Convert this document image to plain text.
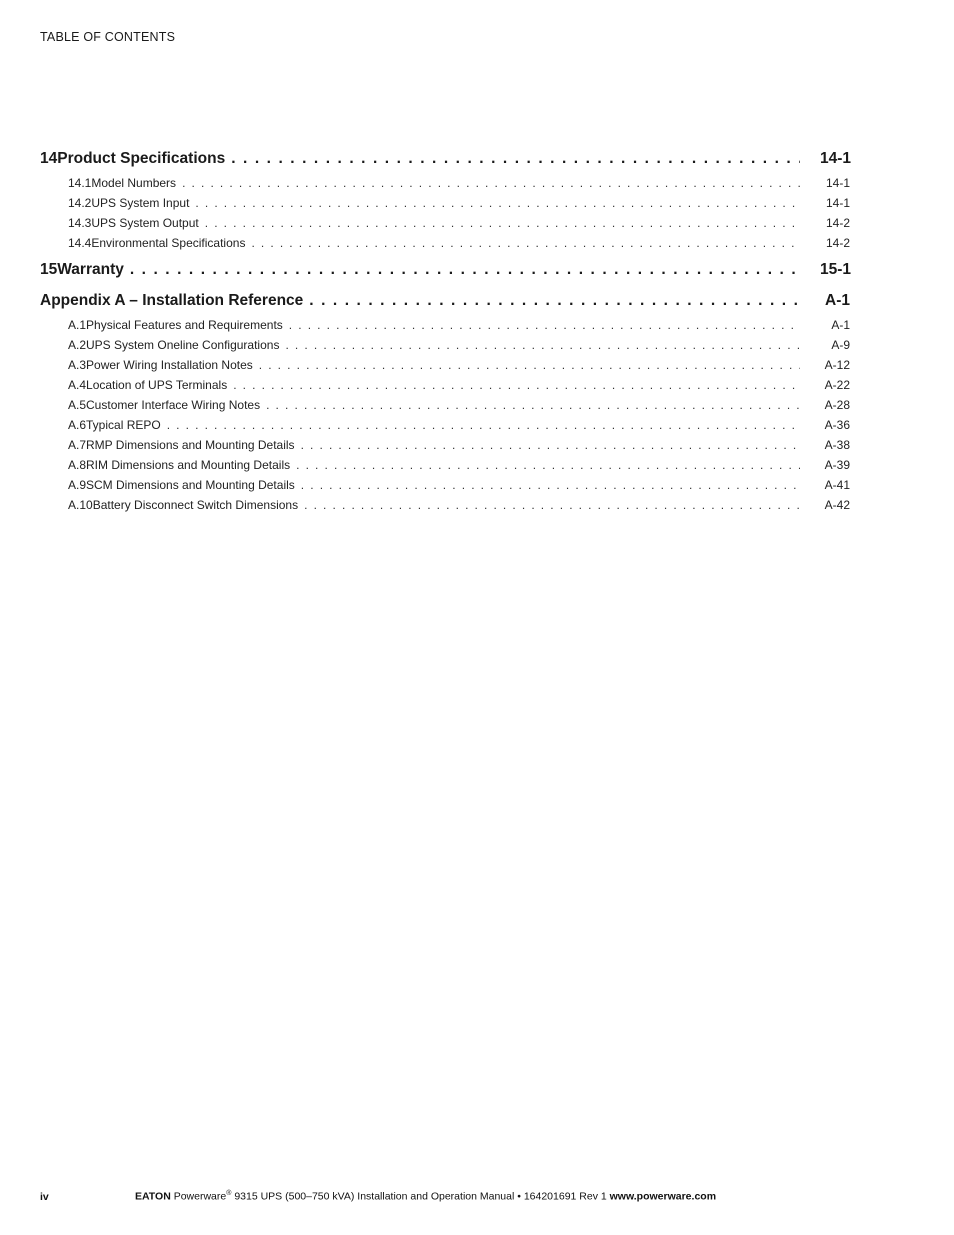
TABLE OF CONTENTS
14 Product Specifications . . .	14-1
14.1 Model Numbers . . .	14-1
14.2 UPS System Input . . .	14-1
14.3 UPS System Output . . .	14-2
14.4 Environmental Specifications . . .	14-2
15 Warranty . . .	15-1
Appendix A – Installation Reference . . .	A-1
A.1 Physical Features and Requirements . . .	A-1
A.2 UPS System Oneline Configurations . . .	A-9
A.3 Power Wiring Installation Notes . . .	A-12
A.4 Location of UPS Terminals . . .	A-22
A.5 Customer Interface Wiring Notes . . .	A-28
A.6 Typical REPO . . .	A-36
A.7 RMP Dimensions and Mounting Details . . .	A-38
A.8 RIM Dimensions and Mounting Details . . .	A-39
A.9 SCM Dimensions and Mounting Details . . .	A-41
A.10 Battery Disconnect Switch Dimensions . . .	A-42
iv	EATON Powerware® 9315 UPS (500–750 kVA) Installation and Operation Manual • 164201691 Rev 1 www.powerware.com
